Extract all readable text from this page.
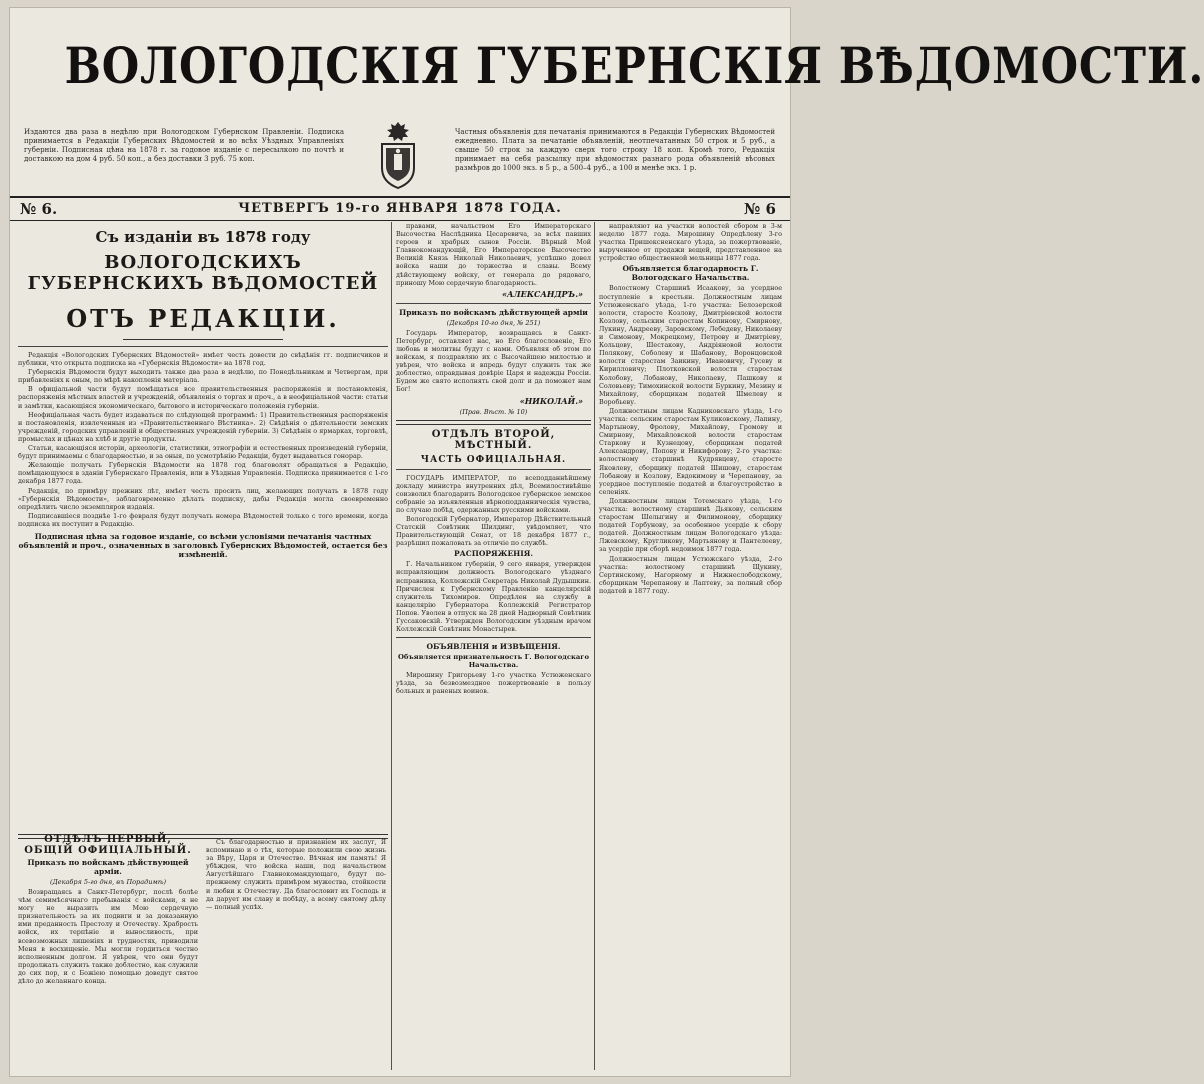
ВОЛОГОДСКІЯ ГУБЕРНСКІЯ ВѢДОМОСТИ.
Издаются два раза в недѣлю при Вологодском Губернском Правленіи. Подписка принимается в Редакціи Губернских Вѣдомостей и во всѣх Уѣздных Управленіях губерніи. Подписная цѣна на 1878 г. за годовое изданіе с пересылкою по почтѣ и доставкою на дом 4 руб. 50 коп., а без доставки 3 руб. 75 коп.
Частныя объявленія для печатанія принимаются в Редакціи Губернских Вѣдомостей ежедневно. Плата за печатаніе объявленій, неотпечатанных 50 строк и 5 руб., а свыше 50 строк за каждую сверх того строку 18 коп. Кромѣ того, Редакція принимает на себя разсылку при вѣдомостях разнаго рода объявленій вѣсовых размѣров до 1000 экз. в 5 р., а 500–4 руб., а 100 и менѣе экз. 1 р.
№ 6.	ЧЕТВЕРГЪ 19-го ЯНВАРЯ 1878 ГОДА.	№ 6
Съ изданіи въ 1878 году
ВОЛОГОДСКИХЪ ГУБЕРНСКИХЪ ВѢДОМОСТЕЙ
ОТЪ РЕДАКЦІИ.

Редакція «Вологодских Губернских Вѣдомостей» имѣет честь довести до свѣдѣнія гг. подписчиков и публики, что открыта подписка на «Губернскія Вѣдомости» на 1878 год.

Губернскія Вѣдомости будут выходить также два раза в недѣлю, по Понедѣльникам и Четвергам, при прибавленіях к оным, по мѣрѣ накопленія матеріала.

В офиціальной части будут помѣщаться все правительственныя распоряженія и постановленія, распоряженія мѣстных властей и учрежденій, объявленія о торгах и проч., а в неофиціальной части: статьи и замѣтки, касающіяся экономическаго, бытового и историческаго положенія губерніи.

Неофиціальная часть будет издаваться по слѣдующей программѣ: 1) Правительственныя распоряженія и постановленія, извлеченныя из «Правительственнаго Вѣстника». 2) Свѣдѣнія о дѣятельности земских учрежденій, городских управленій и общественных учрежденій губерніи. 3) Свѣдѣнія о ярмарках, торговлѣ, промыслах и цѣнах на хлѣб и другіе продукты.

Статьи, касающіяся исторіи, археологіи, статистики, этнографіи и естественных произведеній губерніи, будут принимаемы с благодарностью, и за оныя, по усмотрѣнію Редакціи, будет выдаваться гонорар.

Желающіе получать Губернскія Вѣдомости на 1878 год благоволят обращаться в Редакцію, помѣщающуюся в зданіи Губернскаго Правленія, или в Уѣздныя Управленія. Подписка принимается с 1-го декабря 1877 года.

Редакція, по примѣру прежних лѣт, имѣет честь просить лиц, желающих получать в 1878 году «Губернскія Вѣдомости», заблаговременно дѣлать подписку, дабы Редакція могла своевременно опредѣлить число экземпляров изданія.

Подписавшіеся позднѣе 1-го февраля будут получать номера Вѣдомостей только с того времени, когда подписка их поступит в Редакцію.

Подписная цѣна за годовое изданіе, со всѣми условіями печатанія частных объявленій и проч., означенных в заголовкѣ Губернских Вѣдомостей, остается без измѣненій.
ОТДѢЛЪ ПЕРВЫЙ, ОБЩІЙ ОФИЦІАЛЬНЫЙ.
Приказъ по войскамъ дѣйствующей арміи.
(Декабря 5-го дня, въ Порадимѣ)

Возвращаясь в Санкт-Петербург, послѣ болѣе чѣм семимѣсячнаго пребыванія с войсками, я не могу не выразить им Мою сердечную признательность за их подвиги и за доказанную ими преданность Престолу и Отечеству. Храбрость войск, их терпѣніе и выносливость, при всевозможных лишеніях и трудностях, приводили Меня в восхищеніе. Мы могли гордиться честно исполненным долгом. Я увѣрен, что они будут продолжать служить также доблестно, как служили до сих пор, и с Божіею помощью доведут святое дѣло до желаннаго конца.

Съ благодарностью и признаніем их заслуг, Я вспоминаю и о тѣх, которые положили свою жизнь за Вѣру, Царя и Отечество. Вѣчная им память! Я убѣжден, что войска наши, под начальством Августѣйшаго Главнокомандующаго, будут по-прежнему служить примѣром мужества, стойкости и любви к Отечеству. Да благословит их Господь и да дарует им славу и побѣду, а всему святому дѣлу — полный успѣх.

правами, начальством Его Императорскаго Высочества Наслѣдника Цесаревича, за всѣх павших героев и храбрых сынов Россіи. Вѣрный Мой Главнокомандующій, Его Императорское Высочество Великій Князь Николай Николаевич, успѣшно довел войска наши до торжества и славы. Всему дѣйствующему войску, от генерала до рядоваго, приношу Мою сердечную благодарность.

«АЛЕКСАНДРЪ.»
Приказъ по войскамъ дѣйствующей арміи
(Декабря 10-го дня, № 251)

Государь Император, возвращаясь в Санкт-Петербург, оставляет нас, но Его благословеніе, Его любовь и молитвы будут с нами. Объявляя об этом по войскам, я поздравляю их с Высочайшею милостью и увѣрен, что войска и впредь будут служить так же доблестно, оправдывая довѣріе Царя и надежды Россіи. Будем же свято исполнять свой долг и да поможет нам Бог!

«НИКОЛАЙ.»
(Прав. Вѣст. № 10)
ОТДѢЛЪ ВТОРОЙ, МѢСТНЫЙ.
ЧАСТЬ ОФИЦІАЛЬНАЯ.

ГОСУДАРЬ ИМПЕРАТОР, по всеподданнѣйшему докладу министра внутренних дѣл, Всемилостивѣйше соизволил благодарить Вологодское губернское земское собраніе за изъявленныя вѣрноподданническія чувства, по случаю побѣд, одержанных русскими войсками.

Вологодскій Губернатор, Император Дѣйствительный Статскій Совѣтник Шилдинг, увѣдомляет, что Правительствующій Сенат, от 18 декабря 1877 г., разрѣшил пожаловать за отличіе по службѣ.

РАСПОРЯЖЕНІЯ.

Г. Начальником губерніи, 9 сего января, утвержден исправляющим должность Вологодскаго уѣзднаго исправника, Коллежскій Секретарь Николай Дудышкин. Причислен к Губернскому Правленію канцелярскій служитель Тихомиров. Опредѣлен на службу в канцелярію Губернатора Коллежскій Регистратор Попов. Уволен в отпуск на 28 дней Надворный Совѣтник Гуссаковскій. Утвержден Вологодским уѣздным врачом Коллежскій Совѣтник Монастырев.

ОБЪЯВЛЕНІЯ и ИЗВѢЩЕНІЯ.
Объявляется признательность Г. Вологодскаго Начальства.

Мирошину Григорьеву 1-го участка Устюженскаго уѣзда, за безвозмездное пожертвованіе в пользу больных и раненых воинов.

направляют на участки волостей сбором в 3-м неделю 1877 года. Мирошину Опредѣлену 3-го участка Пришексненскаго уѣзда, за пожертвованіе, вырученное от продажи вещей, представленное на устройство общественной мельницы 1877 года.

Объявляется благодарность Г. Вологодскаго Начальства.

Волостному Старшинѣ Исаакову, за усердное поступленіе в крестьян. Должностным лицам Устюженскаго уѣзда, 1-го участка: Белозерской волости, старосте Козлову, Дмитріевской волости Козлову, сельским старостам Копинову, Смирнову, Лукину, Андрееву, Заровскому, Лебедеву, Николаеву и Симонову, Мокрецкому, Петрову и Дмитріеву, Кольцову, Шестакову, Андріяновой волости Полякову, Соболеву и Шабанову, Воронцовской волости старостам Заикину, Ивановичу, Гусеву и Кирилловичу; Плотковской волости старостам Колобову, Лобанову, Николаеву, Пашкову и Соловьеву; Тимохинской волости Буркину, Мезину и Михайлову, сборщикам податей Шмелеву и Воробьеву.

Должностным лицам Кадниковскаго уѣзда, 1-го участка: сельским старостам Куликовскому, Лапину, Мартынову, Фролову, Михайлову, Громову и Смирнову, Михайловской волости старостам Старкову и Кузнецову, сборщикам податей Александрову, Попову и Никифорову; 2-го участка: волостному старшинѣ Кудрявцеву, старосте Яковлеву, сборщику податей Шишову, старостам Лобанову и Козлову, Евдокимову и Черепанову, за усердное поступленіе податей и благоустройство в селеніях.

Должностным лицам Тотемскаго уѣзда, 1-го участка: волостному старшинѣ Дьякову, сельским старостам Шелыгину и Филимонову, сборщику податей Горбунову, за особенное усердіе к сбору податей. Должностным лицам Вологодскаго уѣзда: Лжевскому, Кругликову, Мартьянову и Пантелееву, за усердіе при сборѣ недоимок 1877 года.

Должностным лицам Устюжскаго уѣзда, 2-го участка: волостному старшинѣ Щукину, Сертинскому, Нагорному и Нижнеслободскому, сборщикам Черепанову и Лаптеву, за полный сбор податей в 1877 году.
